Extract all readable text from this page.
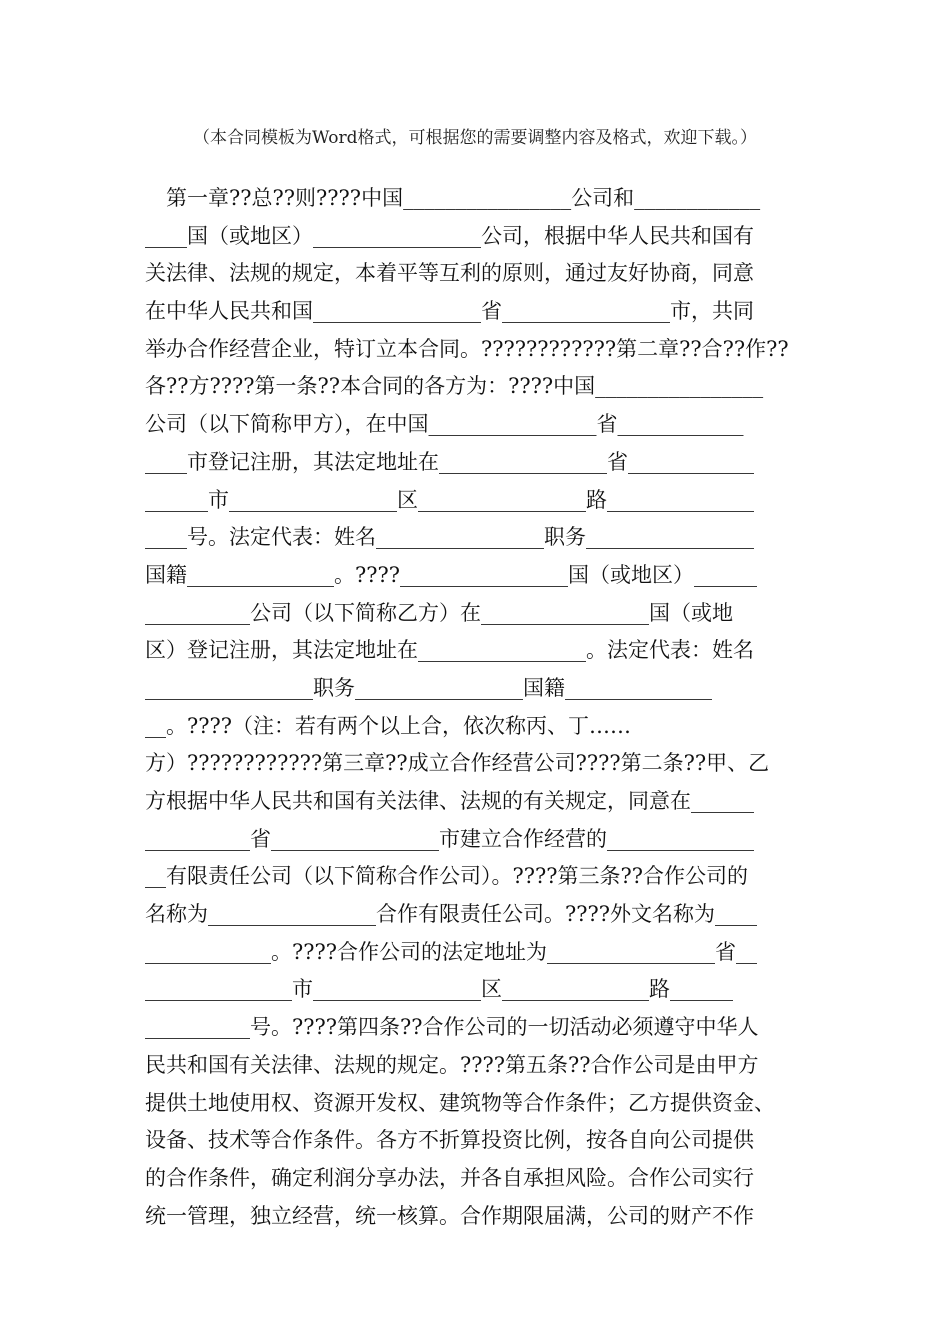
（本合同模板为Word格式，可根据您的需要调整内容及格式，欢迎下载。）
　第一章??总??则????中国________________公司和____________
____国（或地区）________________公司，根据中华人民共和国有
关法律、法规的规定，本着平等互利的原则，通过友好协商，同意
在中华人民共和国________________省________________市，共同
举办合作经营企业，特订立本合同。????????????第二章??合??作??
各??方????第一条??本合同的各方为：????中国________________
公司（以下简称甲方），在中国________________省____________
____市登记注册，其法定地址在________________省____________
______市________________区________________路______________
____号。法定代表：姓名________________职务________________
国籍______________。????________________国（或地区）______
__________公司（以下简称乙方）在________________国（或地
区）登记注册，其法定地址在________________。法定代表：姓名
________________职务________________国籍______________
__。????（注：若有两个以上合，依次称丙、丁……
方）????????????第三章??成立合作经营公司????第二条??甲、乙
方根据中华人民共和国有关法律、法规的有关规定，同意在______
__________省________________市建立合作经营的______________
__有限责任公司（以下简称合作公司）。????第三条??合作公司的
名称为________________合作有限责任公司。????外文名称为____
____________。????合作公司的法定地址为________________省__
______________市________________区______________路______
__________号。????第四条??合作公司的一切活动必须遵守中华人
民共和国有关法律、法规的规定。????第五条??合作公司是由甲方
提供土地使用权、资源开发权、建筑物等合作条件；乙方提供资金、
设备、技术等合作条件。各方不折算投资比例，按各自向公司提供
的合作条件，确定利润分享办法，并各自承担风险。合作公司实行
统一管理，独立经营，统一核算。合作期限届满，公司的财产不作
